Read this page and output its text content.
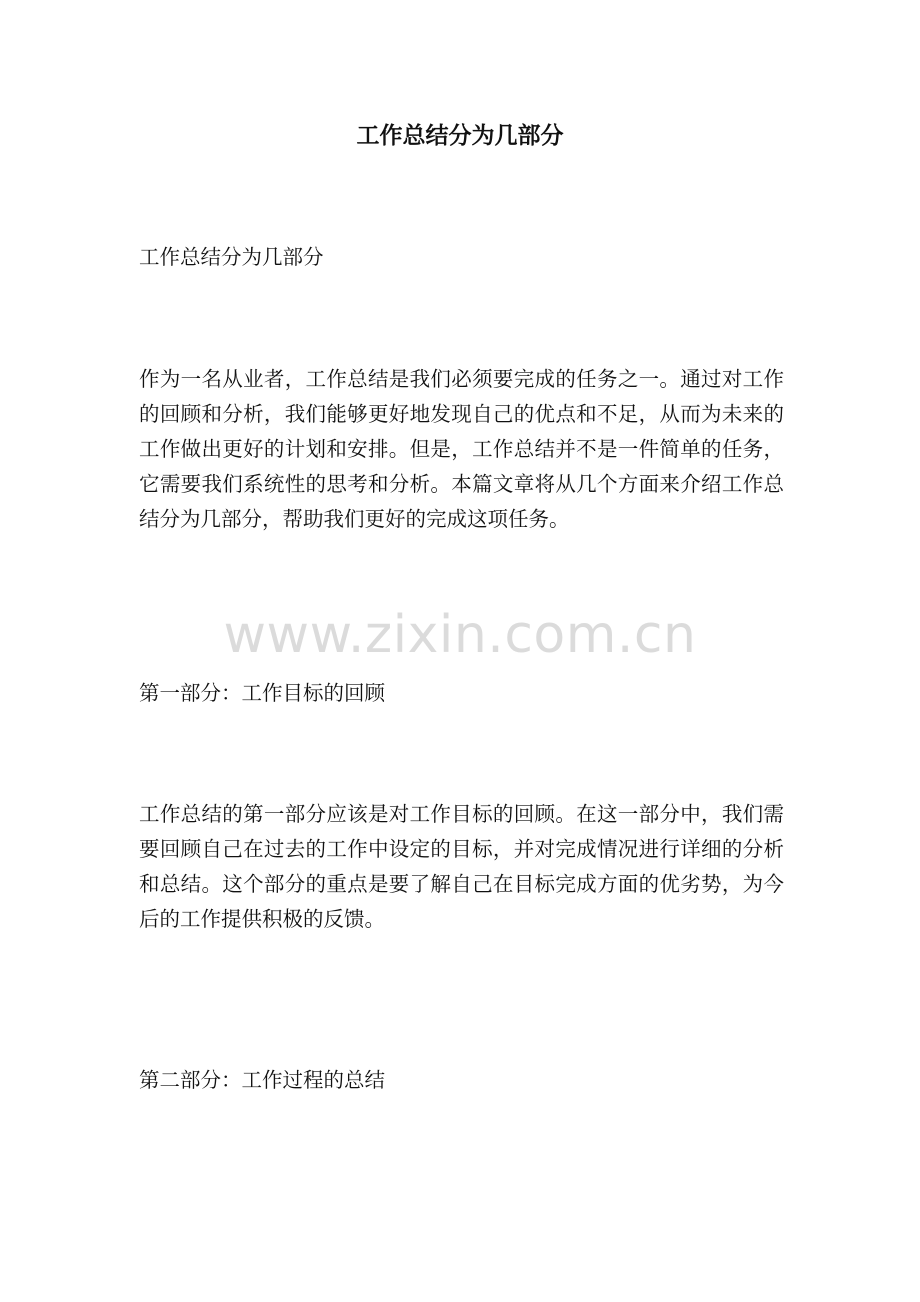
工作总结分为几部分

工作总结分为几部分

作为一名从业者，工作总结是我们必须要完成的任务之一。通过对工作的回顾和分析，我们能够更好地发现自己的优点和不足，从而为未来的工作做出更好的计划和安排。但是，工作总结并不是一件简单的任务，它需要我们系统性的思考和分析。本篇文章将从几个方面来介绍工作总结分为几部分，帮助我们更好的完成这项任务。

www.zixin.com.cn

第一部分：工作目标的回顾

工作总结的第一部分应该是对工作目标的回顾。在这一部分中，我们需要回顾自己在过去的工作中设定的目标，并对完成情况进行详细的分析和总结。这个部分的重点是要了解自己在目标完成方面的优劣势，为今后的工作提供积极的反馈。

第二部分：工作过程的总结
